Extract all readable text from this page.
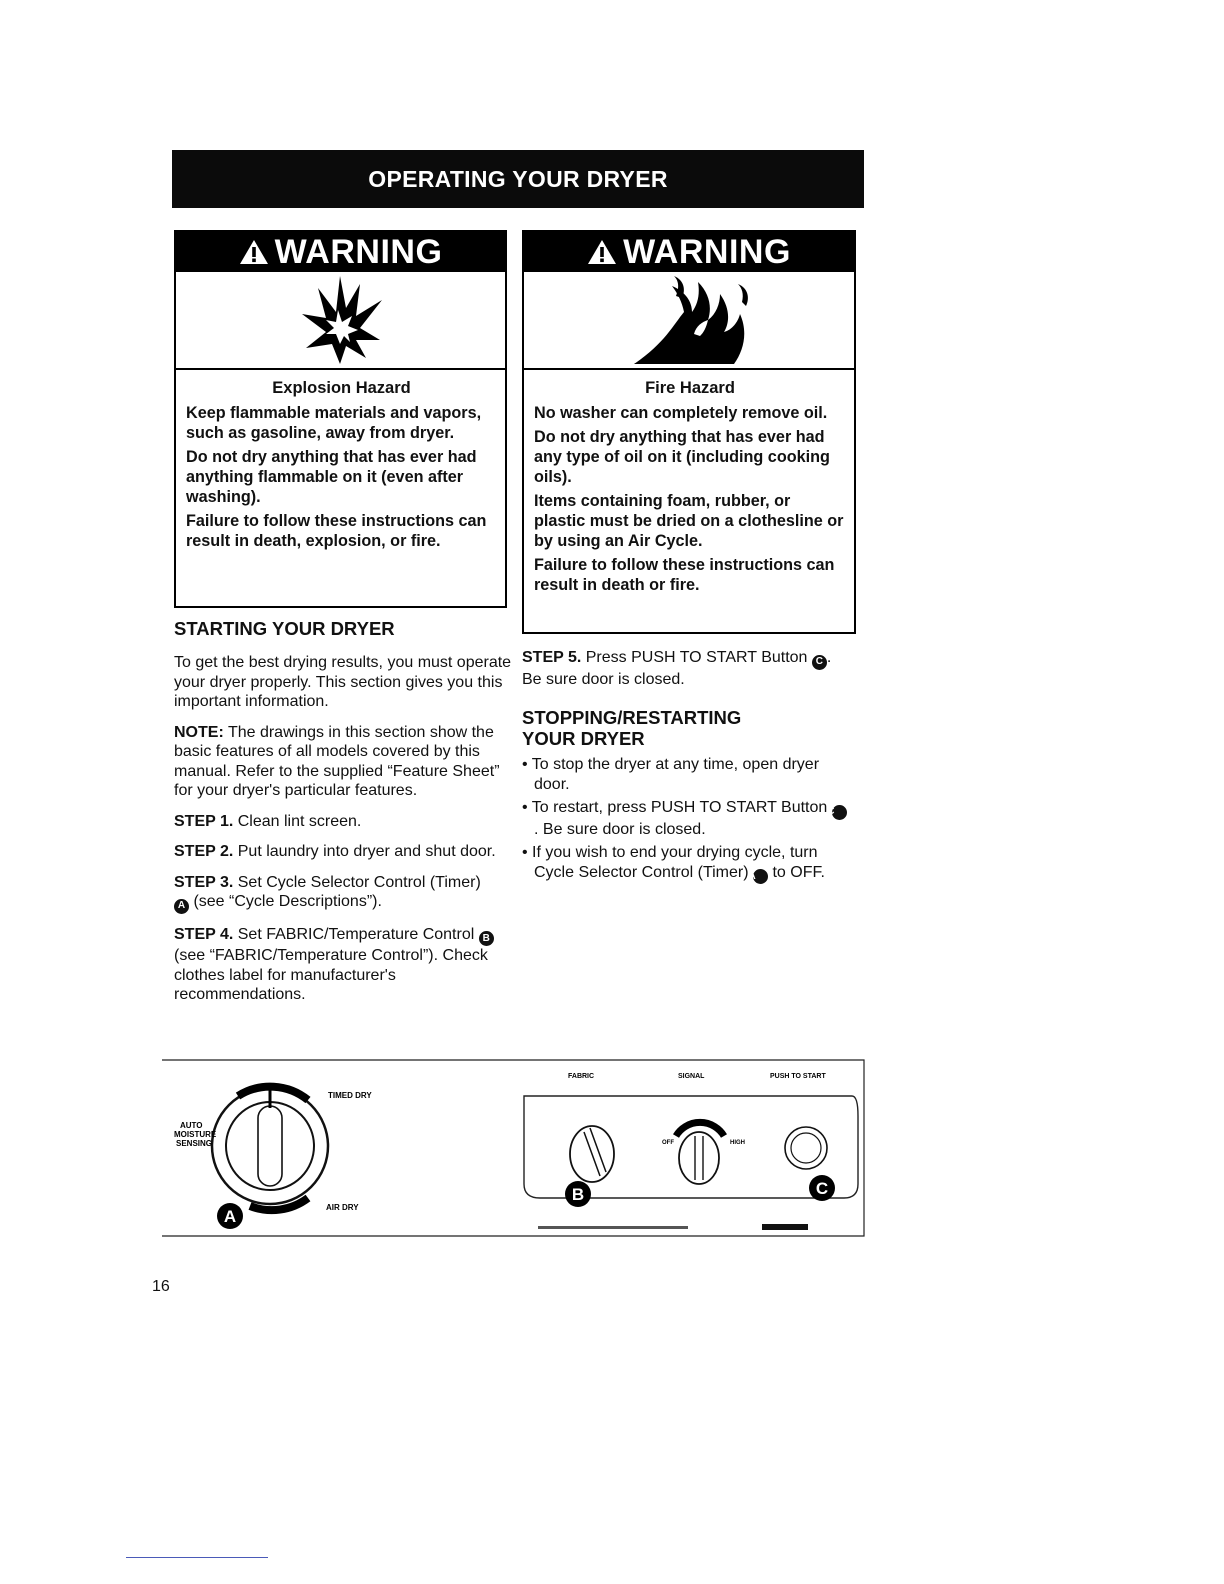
OPERATING YOUR DRYER
WARNING
Explosion Hazard

Keep flammable materials and vapors, such as gasoline, away from dryer.

Do not dry anything that has ever had anything flammable on it (even after washing).

Failure to follow these instructions can result in death, explosion, or fire.

WARNING
Fire Hazard

No washer can completely remove oil.

Do not dry anything that has ever had any type of oil on it (including cooking oils).

Items containing foam, rubber, or plastic must be dried on a clothesline or by using an Air Cycle.

Failure to follow these instructions can result in death or fire.

STARTING YOUR DRYER

To get the best drying results, you must operate your dryer properly. This section gives you this important information.

NOTE: The drawings in this section show the basic features of all models covered by this manual. Refer to the supplied “Feature Sheet” for your dryer's particular features.

STEP 1. Clean lint screen.

STEP 2. Put laundry into dryer and shut door.

STEP 3. Set Cycle Selector Control (Timer)
A (see “Cycle Descriptions”).

STEP 4. Set FABRIC/Temperature Control B (see “FABRIC/Temperature Control”). Check clothes label for manufacturer's recommendations.

STEP 5. Press PUSH TO START Button C . Be sure door is closed.

STOPPING/RESTARTING
YOUR DRYER
• To stop the dryer at any time, open dryer door.
• To restart, press PUSH TO START Button C . Be sure door is closed.
• If you wish to end your drying cycle, turn Cycle Selector Control (Timer) A to OFF.
TIMED DRY
AIR DRY
AUTO
MOISTURE
SENSING
A
FABRIC	SIGNAL	PUSH TO START
LOW
OFF	HIGH
B	C
16
